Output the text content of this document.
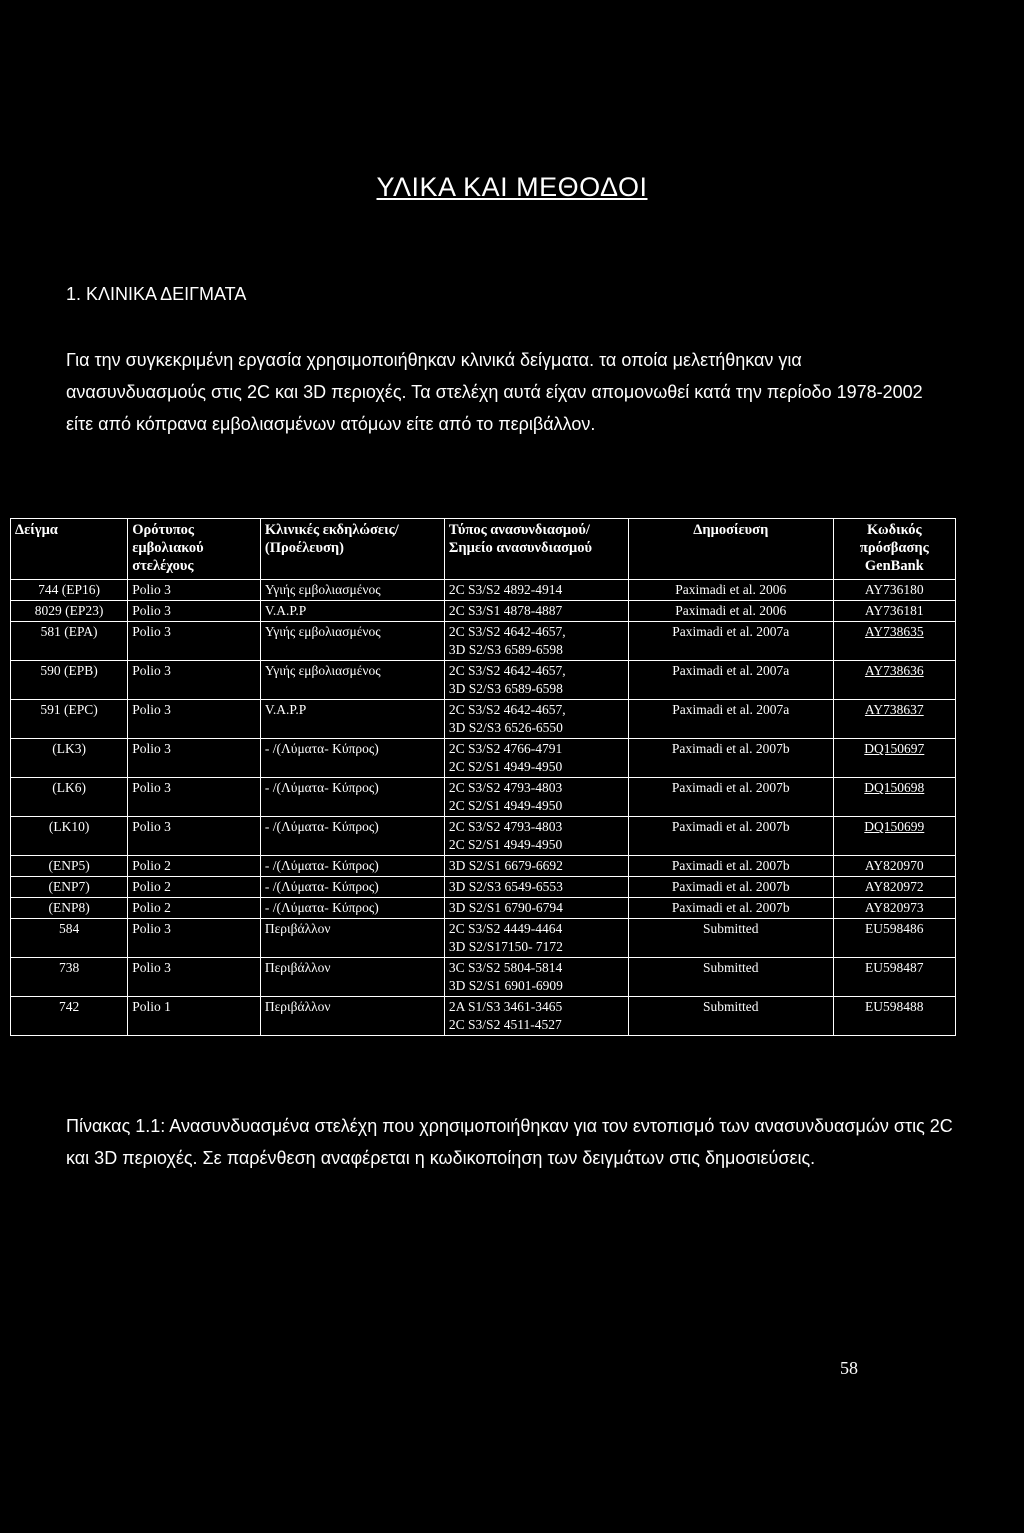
ΥΛΙΚΑ ΚΑΙ ΜΕΘΟΔΟΙ
1. ΚΛΙΝΙΚΑ ΔΕΙΓΜΑΤΑ
Για την συγκεκριμένη εργασία χρησιμοποιήθηκαν κλινικά δείγματα. τα οποία μελετήθηκαν για ανασυνδυασμούς στις 2C και 3D περιοχές. Τα στελέχη αυτά είχαν απομονωθεί κατά την περίοδο 1978-2002 είτε από κόπρανα εμβολιασμένων ατόμων είτε από το περιβάλλον.
Δείγμα	Ορότυπος εμβολιακού στελέχους	Κλινικές εκδηλώσεις/ (Προέλευση)	Τύπος ανασυνδιασμού/ Σημείο ανασυνδιασμού	Δημοσίευση	Κωδικός πρόσβασης GenBank
744 (EP16)	Polio 3	Υγιής εμβολιασμένος	2C S3/S2 4892-4914	Paximadi et al. 2006	AY736180
8029 (EP23)	Polio 3	V.A.P.P	2C S3/S1 4878-4887	Paximadi et al. 2006	AY736181
581 (EPA)	Polio 3	Υγιής εμβολιασμένος	2C S3/S2 4642-4657,
3D S2/S3 6589-6598	Paximadi et al. 2007a	AY738635
590 (EPB)	Polio 3	Υγιής εμβολιασμένος	2C S3/S2 4642-4657,
3D S2/S3 6589-6598	Paximadi et al. 2007a	AY738636
591 (EPC)	Polio 3	V.A.P.P	2C S3/S2 4642-4657,
3D S2/S3 6526-6550	Paximadi et al. 2007a	AY738637
(LK3)	Polio 3	- /(Λύματα- Κύπρος)	2C S3/S2 4766-4791
2C S2/S1 4949-4950	Paximadi et al. 2007b	DQ150697
(LK6)	Polio 3	- /(Λύματα- Κύπρος)	2C S3/S2 4793-4803
2C S2/S1 4949-4950	Paximadi et al. 2007b	DQ150698
(LK10)	Polio 3	- /(Λύματα- Κύπρος)	2C S3/S2 4793-4803
2C S2/S1 4949-4950	Paximadi et al. 2007b	DQ150699
(ENP5)	Polio 2	- /(Λύματα- Κύπρος)	3D S2/S1 6679-6692	Paximadi et al. 2007b	AY820970
(ENP7)	Polio 2	- /(Λύματα- Κύπρος)	3D S2/S3 6549-6553	Paximadi et al. 2007b	AY820972
(ENP8)	Polio 2	- /(Λύματα- Κύπρος)	3D S2/S1 6790-6794	Paximadi et al. 2007b	AY820973
584	Polio 3	Περιβάλλον	2C S3/S2 4449-4464
3D S2/S17150- 7172	Submitted	EU598486
738	Polio 3	Περιβάλλον	3C S3/S2 5804-5814
3D S2/S1 6901-6909	Submitted	EU598487
742	Polio 1	Περιβάλλον	2A S1/S3 3461-3465
2C S3/S2 4511-4527	Submitted	EU598488
Πίνακας 1.1: Ανασυνδυασμένα στελέχη που χρησιμοποιήθηκαν για τον εντοπισμό των ανασυνδυασμών στις 2C και 3D περιοχές. Σε παρένθεση αναφέρεται η κωδικοποίηση των δειγμάτων στις δημοσιεύσεις.
58
